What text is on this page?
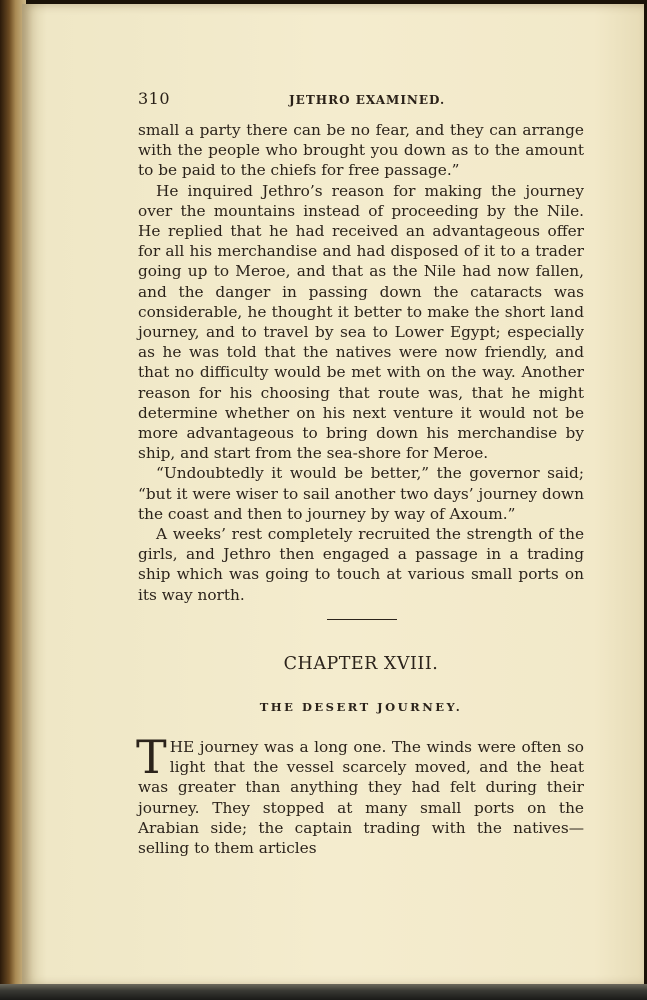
310	JETHRO EXAMINED.

small a party there can be no fear, and they can arrange with the people who brought you down as to the amount to be paid to the chiefs for free passage.”

He inquired Jethro’s reason for making the journey over the mountains instead of proceeding by the Nile. He replied that he had received an advantageous offer for all his merchandise and had disposed of it to a trader going up to Meroe, and that as the Nile had now fallen, and the danger in passing down the cataracts was considerable, he thought it better to make the short land journey, and to travel by sea to Lower Egypt; especially as he was told that the natives were now friendly, and that no difficulty would be met with on the way. Another reason for his choosing that route was, that he might determine whether on his next venture it would not be more advantageous to bring down his merchandise by ship, and start from the sea-shore for Meroe.

“Undoubtedly it would be better,” the governor said; “but it were wiser to sail another two days’ journey down the coast and then to journey by way of Axoum.”

A weeks’ rest completely recruited the strength of the girls, and Jethro then engaged a passage in a trading ship which was going to touch at various small ports on its way north.

CHAPTER XVIII.
THE DESERT JOURNEY.

THE journey was a long one. The winds were often so light that the vessel scarcely moved, and the heat was greater than anything they had felt during their journey. They stopped at many small ports on the Arabian side; the captain trading with the natives—selling to them articles
